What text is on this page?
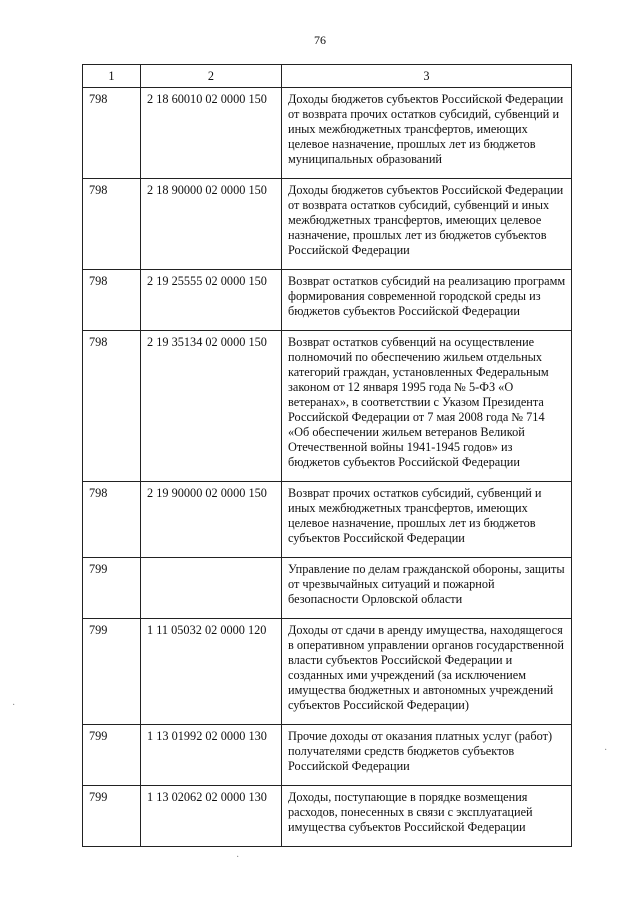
76
1	2	3
798	2 18 60010 02 0000 150	Доходы бюджетов субъектов Российской Федерации от возврата прочих остатков субсидий, субвенций и иных межбюджетных трансфертов, имеющих целевое назначение, прошлых лет из бюджетов муниципальных образований
798	2 18 90000 02 0000 150	Доходы бюджетов субъектов Российской Федерации от возврата остатков субсидий, субвенций и иных межбюджетных трансфертов, имеющих целевое назначение, прошлых лет из бюджетов субъектов Российской Федерации
798	2 19 25555 02 0000 150	Возврат остатков субсидий на реализацию программ формирования современной городской среды из бюджетов субъектов Российской Федерации
798	2 19 35134 02 0000 150	Возврат остатков субвенций на осуществление полномочий по обеспечению жильем отдельных категорий граждан, установленных Федеральным законом от 12 января 1995 года № 5-ФЗ «О ветеранах», в соответствии с Указом Президента Российской Федерации от 7 мая 2008 года № 714 «Об обеспечении жильем ветеранов Великой Отечественной войны 1941-1945 годов» из бюджетов субъектов Российской Федерации
798	2 19 90000 02 0000 150	Возврат прочих остатков субсидий, субвенций и иных межбюджетных трансфертов, имеющих целевое назначение, прошлых лет из бюджетов субъектов Российской Федерации
799		Управление по делам гражданской обороны, защиты от чрезвычайных ситуаций и пожарной безопасности Орловской области
799	1 11 05032 02 0000 120	Доходы от сдачи в аренду имущества, находящегося в оперативном управлении органов государственной власти субъектов Российской Федерации и созданных ими учреждений (за исключением имущества бюджетных и автономных учреждений субъектов Российской Федерации)
799	1 13 01992 02 0000 130	Прочие доходы от оказания платных услуг (работ) получателями средств бюджетов субъектов Российской Федерации
799	1 13 02062 02 0000 130	Доходы, поступающие в порядке возмещения расходов, понесенных в связи с эксплуатацией имущества субъектов Российской Федерации
·
·
·
